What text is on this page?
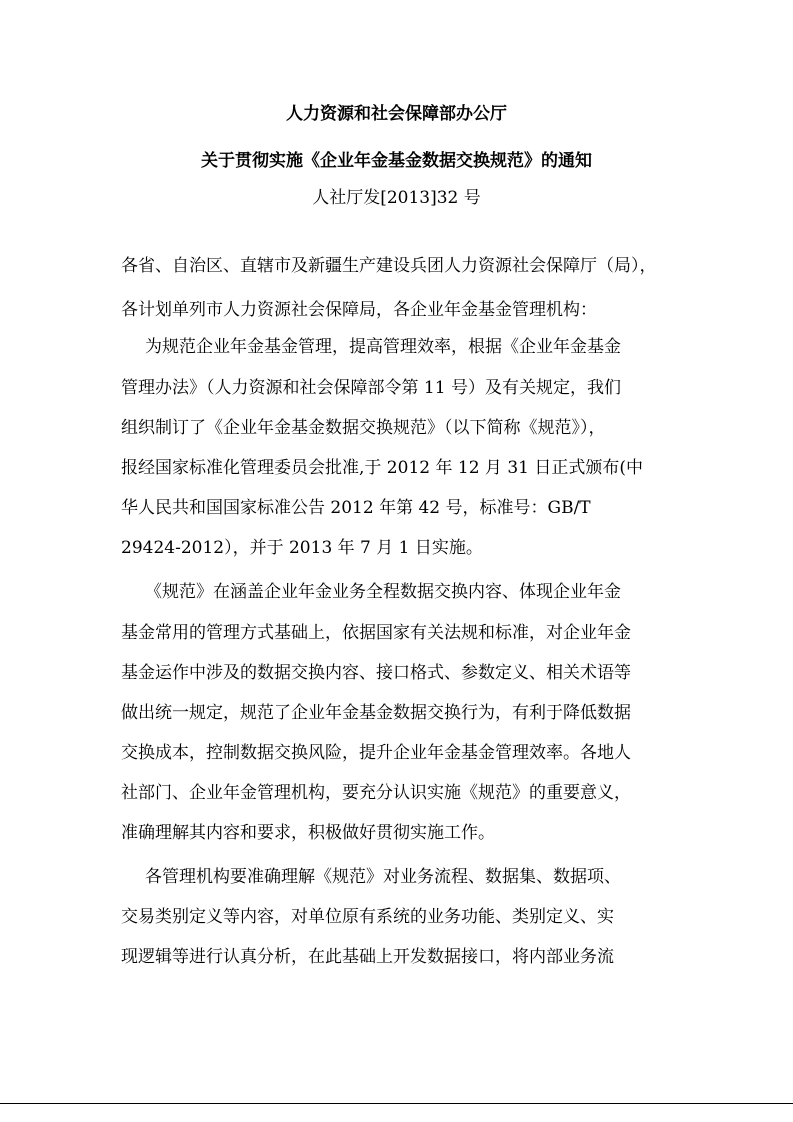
人力资源和社会保障部办公厅
关于贯彻实施《企业年金基金数据交换规范》的通知
人社厅发[2013]32 号
各省、自治区、直辖市及新疆生产建设兵团人力资源社会保障厅（局），
各计划单列市人力资源社会保障局，各企业年金基金管理机构：
为规范企业年金基金管理，提高管理效率，根据《企业年金基金
管理办法》（人力资源和社会保障部令第 11 号）及有关规定，我们
组织制订了《企业年金基金数据交换规范》（以下简称《规范》），
报经国家标准化管理委员会批准,于 2012 年 12 月 31 日正式颁布(中
华人民共和国国家标准公告 2012 年第 42 号，标准号：GB/T
29424-2012），并于 2013 年 7 月 1 日实施。
《规范》在涵盖企业年金业务全程数据交换内容、体现企业年金
基金常用的管理方式基础上，依据国家有关法规和标准，对企业年金
基金运作中涉及的数据交换内容、接口格式、参数定义、相关术语等
做出统一规定，规范了企业年金基金数据交换行为，有利于降低数据
交换成本，控制数据交换风险，提升企业年金基金管理效率。各地人
社部门、企业年金管理机构，要充分认识实施《规范》的重要意义，
准确理解其内容和要求，积极做好贯彻实施工作。
各管理机构要准确理解《规范》对业务流程、数据集、数据项、
交易类别定义等内容，对单位原有系统的业务功能、类别定义、实
现逻辑等进行认真分析，在此基础上开发数据接口，将内部业务流
